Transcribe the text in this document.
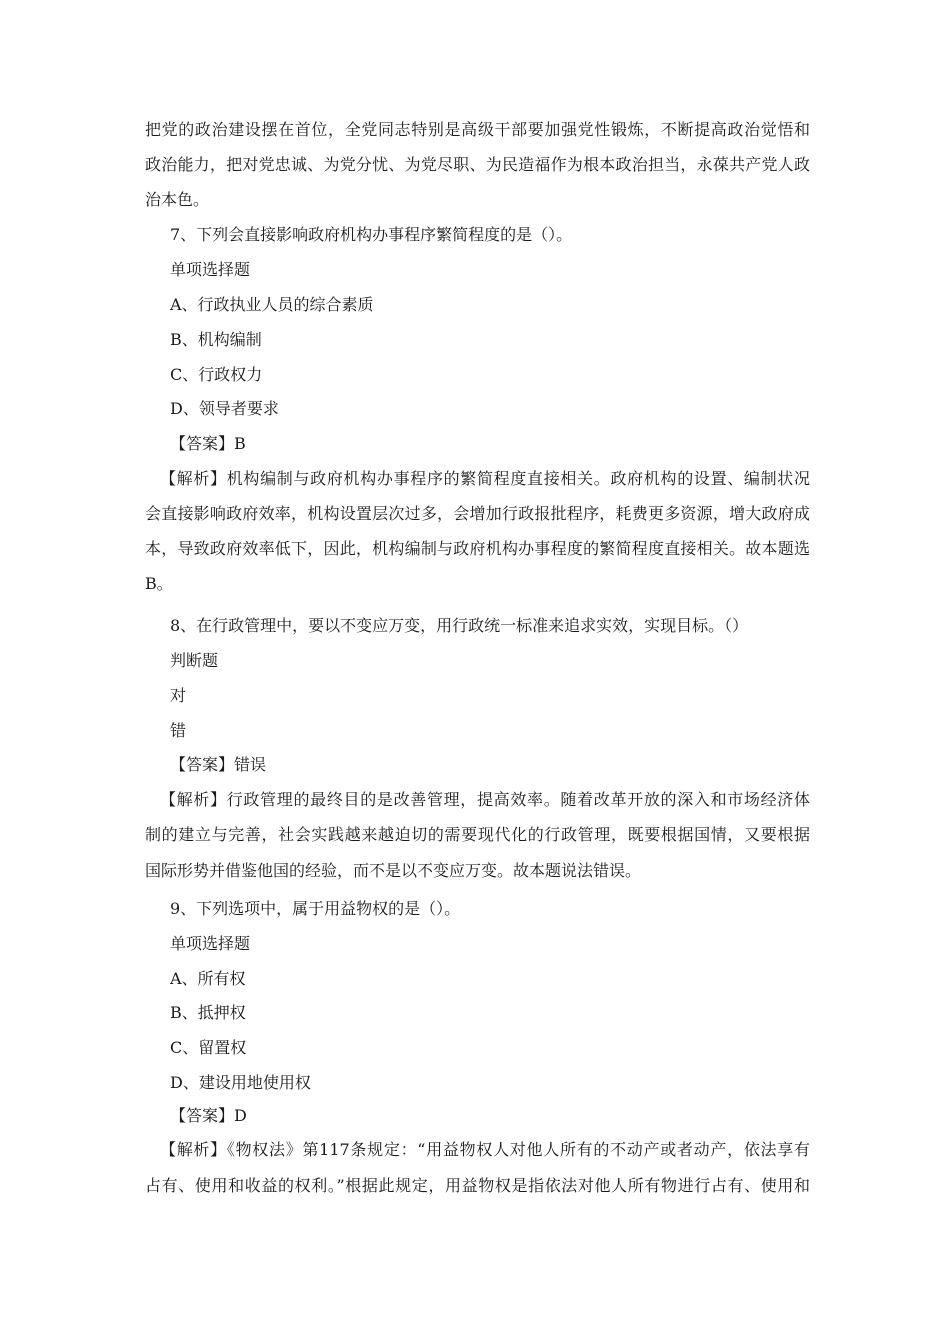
把党的政治建设摆在首位，全党同志特别是高级干部要加强党性锻炼，不断提高政治觉悟和
政治能力，把对党忠诚、为党分忧、为党尽职、为民造福作为根本政治担当，永葆共产党人政
治本色。
7、下列会直接影响政府机构办事程序繁简程度的是（）。
单项选择题
A、行政执业人员的综合素质
B、机构编制
C、行政权力
D、领导者要求
【答案】B
【解析】机构编制与政府机构办事程序的繁简程度直接相关。政府机构的设置、编制状况
会直接影响政府效率，机构设置层次过多，会增加行政报批程序，耗费更多资源，增大政府成
本，导致政府效率低下，因此，机构编制与政府机构办事程度的繁简程度直接相关。故本题选
B。
8、在行政管理中，要以不变应万变，用行政统一标准来追求实效，实现目标。（）
判断题
对
错
【答案】错误
【解析】行政管理的最终目的是改善管理，提高效率。随着改革开放的深入和市场经济体
制的建立与完善，社会实践越来越迫切的需要现代化的行政管理，既要根据国情，又要根据
国际形势并借鉴他国的经验，而不是以不变应万变。故本题说法错误。
9、下列选项中，属于用益物权的是（）。
单项选择题
A、所有权
B、抵押权
C、留置权
D、建设用地使用权
【答案】D
【解析】《物权法》第117条规定：“用益物权人对他人所有的不动产或者动产，依法享有
占有、使用和收益的权利。”根据此规定，用益物权是指依法对他人所有物进行占有、使用和
